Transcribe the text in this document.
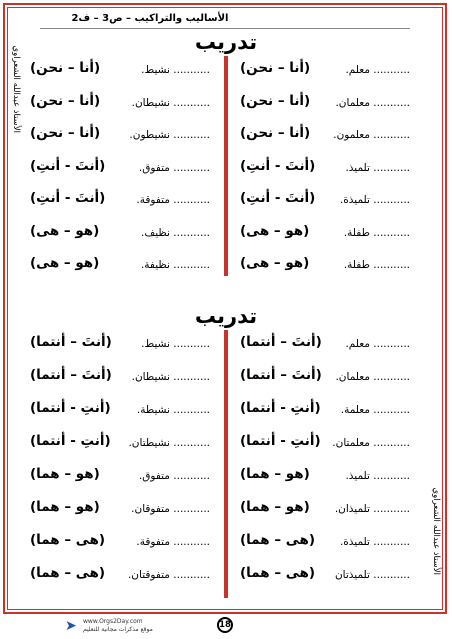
الأساليب والتراكيب – ص3 – ف2
الأستاذ عبدالله الشعراوي
الأستاذ عبدالله الشعراوي
تدريب
تدريب
........... معلم.
(أنا – نحن)
........... معلمان.
(أنا – نحن)
........... معلمون.
(أنا – نحن)
........... تلميذ.
(أنتَ - أنتِ)
........... تلميذة.
(أنتَ - أنتِ)
........... طفلة.
(هو – هى)
........... طفلة.
(هو – هى)
........... نشيط.
(أنا – نحن)
........... نشيطان.
(أنا – نحن)
........... نشيطون.
(أنا – نحن)
........... متفوق.
(أنتَ - أنتِ)
........... متفوقة.
(أنتَ - أنتِ)
........... نظيف.
(هو – هى)
........... نظيفة.
(هو – هى)
........... معلم.
(أنتَ – أنتما)
........... معلمان.
(أنتَ – أنتما)
........... معلمة.
(أنتِ - أنتما)
........... معلمتان.
(أنتِ - أنتما)
........... تلميذ.
(هو – هما)
........... تلميذان.
(هو – هما)
........... تلميذة.
(هى – هما)
........... تلميذتان
(هى – هما)
........... نشيط.
(أنتَ – أنتما)
........... نشيطان.
(أنتَ – أنتما)
........... نشيطة.
(أنتِ - أنتما)
........... نشيطتان.
(أنتِ - أنتما)
........... متفوق.
(هو – هما)
........... متفوقان.
(هو – هما)
........... متفوقة.
(هى – هما)
........... متفوقتان.
(هى – هما)
➤ www.Orgs2Day.com
موقع مذكرات مجانية للتعليم	18
